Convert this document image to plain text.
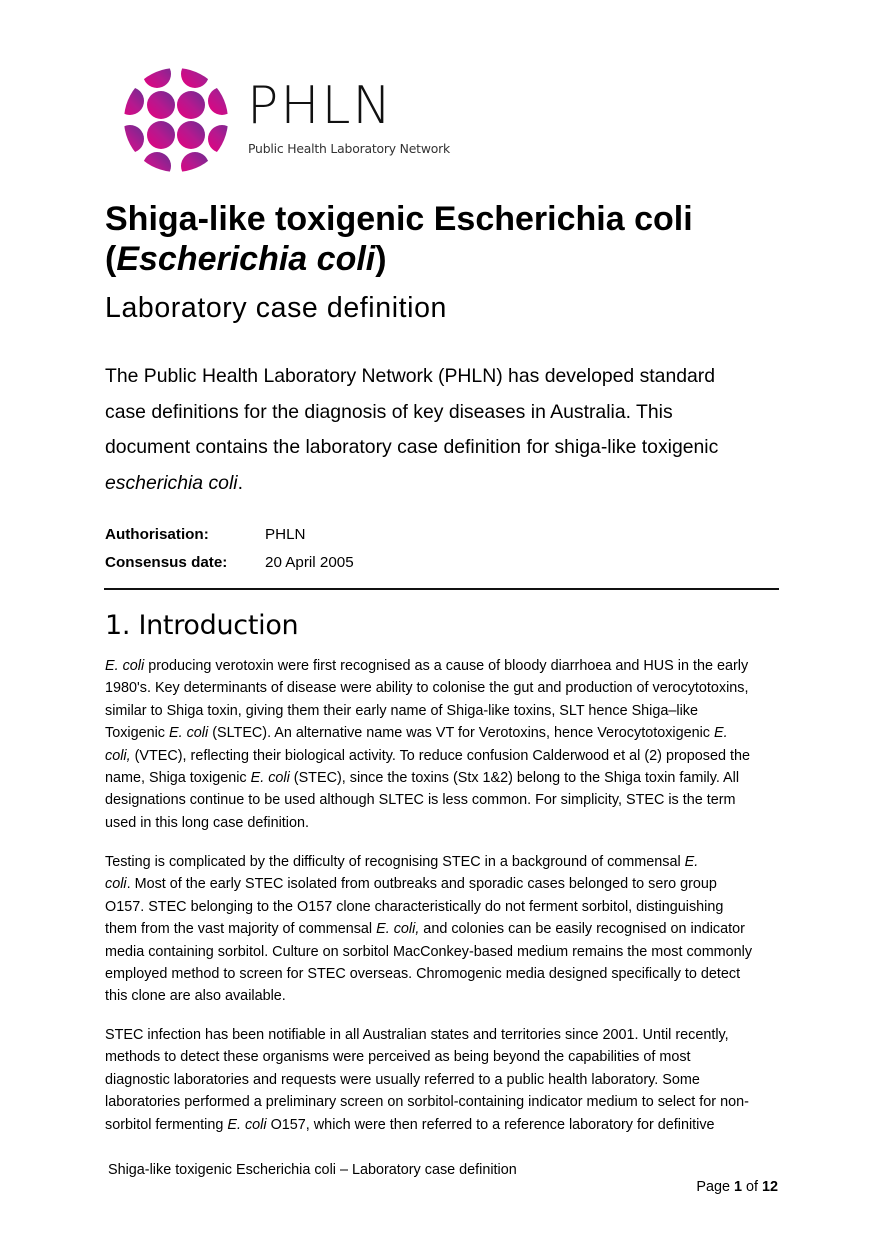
PHLN
Public Health Laboratory Network
Shiga-like toxigenic Escherichia coli
(Escherichia coli)
Laboratory case definition

The Public Health Laboratory Network (PHLN) has developed standard
case definitions for the diagnosis of key diseases in Australia. This
document contains the laboratory case definition for shiga-like toxigenic
escherichia coli.

Authorisation:	PHLN
Consensus date:	20 April 2005
1. Introduction

E. coli producing verotoxin were first recognised as a cause of bloody diarrhoea and HUS in the early
1980's. Key determinants of disease were ability to colonise the gut and production of verocytotoxins,
similar to Shiga toxin, giving them their early name of Shiga-like toxins, SLT hence Shiga–like
Toxigenic E. coli (SLTEC). An alternative name was VT for Verotoxins, hence Verocytotoxigenic E.
coli, (VTEC), reflecting their biological activity. To reduce confusion Calderwood et al (2) proposed the
name, Shiga toxigenic E. coli (STEC), since the toxins (Stx 1&2) belong to the Shiga toxin family. All
designations continue to be used although SLTEC is less common. For simplicity, STEC is the term
used in this long case definition.

Testing is complicated by the difficulty of recognising STEC in a background of commensal E.
coli. Most of the early STEC isolated from outbreaks and sporadic cases belonged to sero group
O157. STEC belonging to the O157 clone characteristically do not ferment sorbitol, distinguishing
them from the vast majority of commensal E. coli, and colonies can be easily recognised on indicator
media containing sorbitol. Culture on sorbitol MacConkey-based medium remains the most commonly
employed method to screen for STEC overseas. Chromogenic media designed specifically to detect
this clone are also available.

STEC infection has been notifiable in all Australian states and territories since 2001. Until recently,
methods to detect these organisms were perceived as being beyond the capabilities of most
diagnostic laboratories and requests were usually referred to a public health laboratory. Some
laboratories performed a preliminary screen on sorbitol-containing indicator medium to select for non-
sorbitol fermenting E. coli O157, which were then referred to a reference laboratory for definitive

Shiga-like toxigenic Escherichia coli – Laboratory case definition
Page 1 of 12
